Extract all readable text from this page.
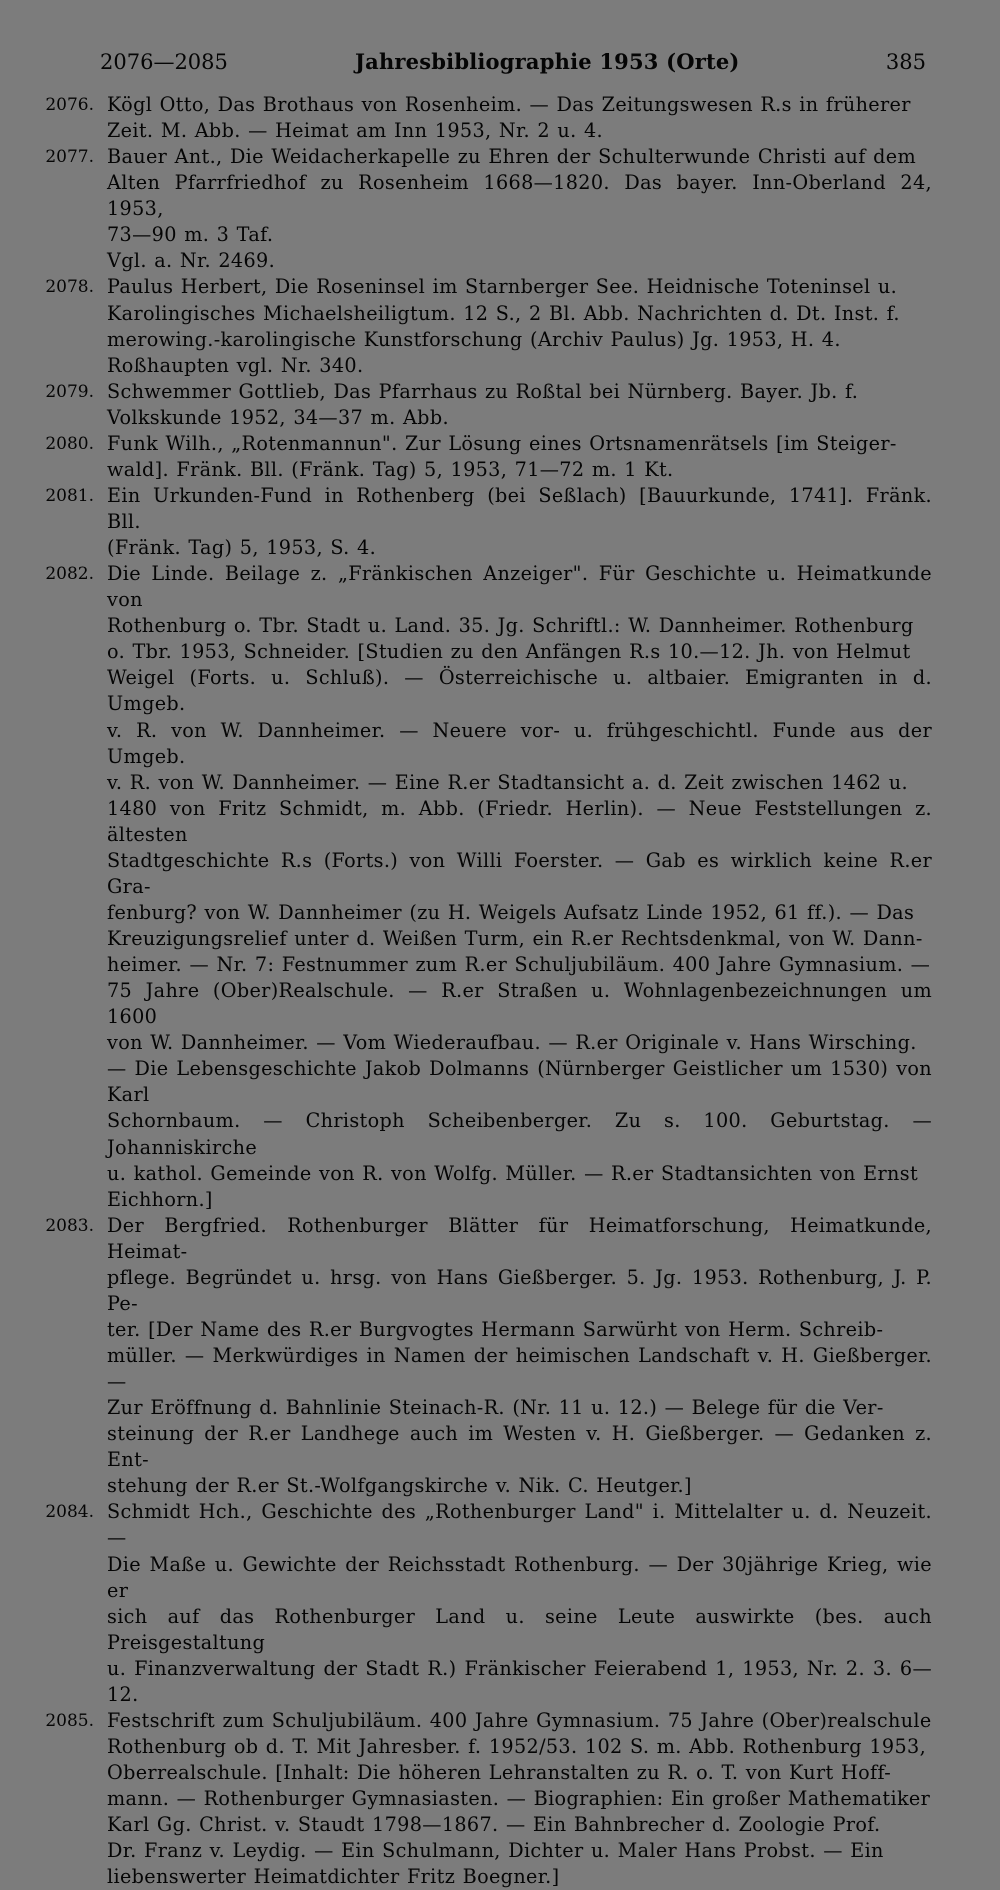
2076—2085	Jahresbibliographie 1953 (Orte)	385
2076. Kögl Otto, Das Brothaus von Rosenheim. — Das Zeitungswesen R.s in früherer
Zeit. M. Abb. — Heimat am Inn 1953, Nr. 2 u. 4.
2077. Bauer Ant., Die Weidacherkapelle zu Ehren der Schulterwunde Christi auf dem
Alten Pfarrfriedhof zu Rosenheim 1668—1820. Das bayer. Inn-Oberland 24, 1953,
73—90 m. 3 Taf.
Vgl. a. Nr. 2469.
2078. Paulus Herbert, Die Roseninsel im Starnberger See. Heidnische Toteninsel u.
Karolingisches Michaelsheiligtum. 12 S., 2 Bl. Abb. Nachrichten d. Dt. Inst. f.
merowing.-karolingische Kunstforschung (Archiv Paulus) Jg. 1953, H. 4.
Roßhaupten vgl. Nr. 340.
2079. Schwemmer Gottlieb, Das Pfarrhaus zu Roßtal bei Nürnberg. Bayer. Jb. f.
Volkskunde 1952, 34—37 m. Abb.
2080. Funk Wilh., „Rotenmannun". Zur Lösung eines Ortsnamenrätsels [im Steiger-
wald]. Fränk. Bll. (Fränk. Tag) 5, 1953, 71—72 m. 1 Kt.
2081. Ein Urkunden-Fund in Rothenberg (bei Seßlach) [Bauurkunde, 1741]. Fränk. Bll.
(Fränk. Tag) 5, 1953, S. 4.
2082. Die Linde. Beilage z. „Fränkischen Anzeiger". Für Geschichte u. Heimatkunde von
Rothenburg o. Tbr. Stadt u. Land. 35. Jg. Schriftl.: W. Dannheimer. Rothenburg
o. Tbr. 1953, Schneider. [Studien zu den Anfängen R.s 10.—12. Jh. von Helmut
Weigel (Forts. u. Schluß). — Österreichische u. altbaier. Emigranten in d. Umgeb.
v. R. von W. Dannheimer. — Neuere vor- u. frühgeschichtl. Funde aus der Umgeb.
v. R. von W. Dannheimer. — Eine R.er Stadtansicht a. d. Zeit zwischen 1462 u.
1480 von Fritz Schmidt, m. Abb. (Friedr. Herlin). — Neue Feststellungen z. ältesten
Stadtgeschichte R.s (Forts.) von Willi Foerster. — Gab es wirklich keine R.er Gra-
fenburg? von W. Dannheimer (zu H. Weigels Aufsatz Linde 1952, 61 ff.). — Das
Kreuzigungsrelief unter d. Weißen Turm, ein R.er Rechtsdenkmal, von W. Dann-
heimer. — Nr. 7: Festnummer zum R.er Schuljubiläum. 400 Jahre Gymnasium. —
75 Jahre (Ober)Realschule. — R.er Straßen u. Wohnlagenbezeichnungen um 1600
von W. Dannheimer. — Vom Wiederaufbau. — R.er Originale v. Hans Wirsching.
— Die Lebensgeschichte Jakob Dolmanns (Nürnberger Geistlicher um 1530) von Karl
Schornbaum. — Christoph Scheibenberger. Zu s. 100. Geburtstag. — Johanniskirche
u. kathol. Gemeinde von R. von Wolfg. Müller. — R.er Stadtansichten von Ernst
Eichhorn.]
2083. Der Bergfried. Rothenburger Blätter für Heimatforschung, Heimatkunde, Heimat-
pflege. Begründet u. hrsg. von Hans Gießberger. 5. Jg. 1953. Rothenburg, J. P. Pe-
ter. [Der Name des R.er Burgvogtes Hermann Sarwürht von Herm. Schreib-
müller. — Merkwürdiges in Namen der heimischen Landschaft v. H. Gießberger. —
Zur Eröffnung d. Bahnlinie Steinach-R. (Nr. 11 u. 12.) — Belege für die Ver-
steinung der R.er Landhege auch im Westen v. H. Gießberger. — Gedanken z. Ent-
stehung der R.er St.-Wolfgangskirche v. Nik. C. Heutger.]
2084. Schmidt Hch., Geschichte des „Rothenburger Land" i. Mittelalter u. d. Neuzeit. —
Die Maße u. Gewichte der Reichsstadt Rothenburg. — Der 30jährige Krieg, wie er
sich auf das Rothenburger Land u. seine Leute auswirkte (bes. auch Preisgestaltung
u. Finanzverwaltung der Stadt R.) Fränkischer Feierabend 1, 1953, Nr. 2. 3. 6—12.
2085. Festschrift zum Schuljubiläum. 400 Jahre Gymnasium. 75 Jahre (Ober)realschule
Rothenburg ob d. T. Mit Jahresber. f. 1952/53. 102 S. m. Abb. Rothenburg 1953,
Oberrealschule. [Inhalt: Die höheren Lehranstalten zu R. o. T. von Kurt Hoff-
mann. — Rothenburger Gymnasiasten. — Biographien: Ein großer Mathematiker
Karl Gg. Christ. v. Staudt 1798—1867. — Ein Bahnbrecher d. Zoologie Prof.
Dr. Franz v. Leydig. — Ein Schulmann, Dichter u. Maler Hans Probst. — Ein
liebenswerter Heimatdichter Fritz Boegner.]
